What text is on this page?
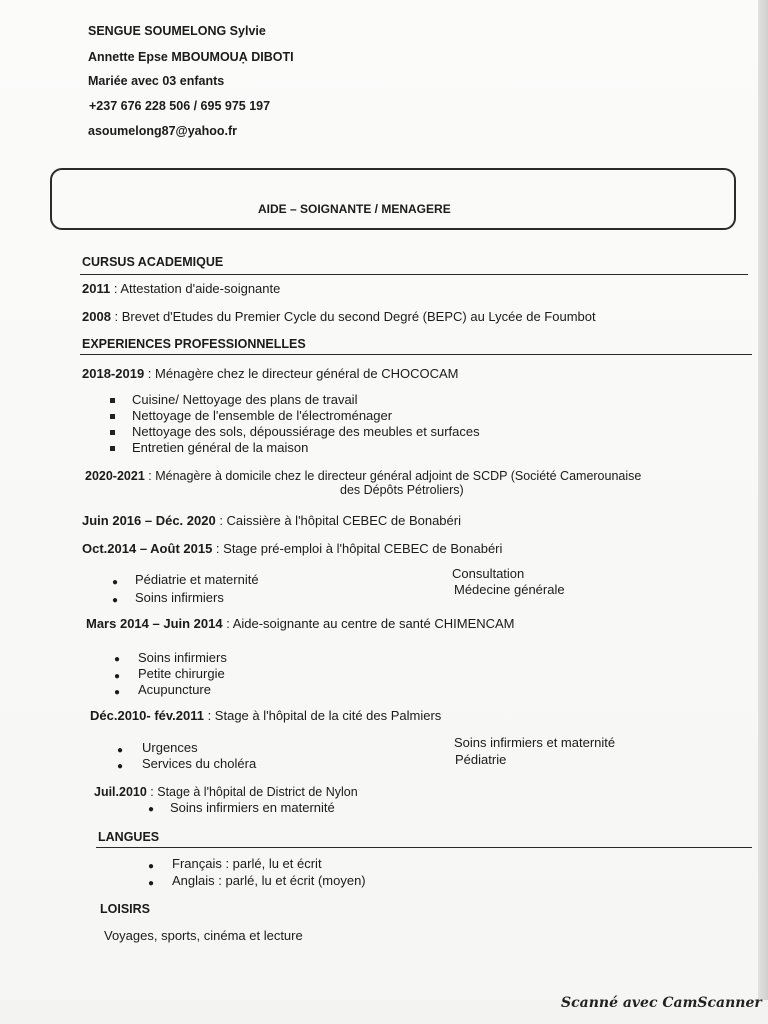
SENGUE SOUMELONG Sylvie
Annette Epse MBOUMOUẠ DIBOTI
Mariée avec 03 enfants
+237 676 228 506 / 695 975 197
asoumelong87@yahoo.fr
AIDE – SOIGNANTE / MENAGERE
CURSUS ACADEMIQUE
2011 : Attestation d'aide-soignante
2008 : Brevet d'Etudes du Premier Cycle du second Degré (BEPC) au Lycée de Foumbot
EXPERIENCES PROFESSIONNELLES
2018-2019 : Ménagère chez le directeur général de CHOCOCAM
Cuisine/ Nettoyage des plans de travail
Nettoyage de l'ensemble de l'électroménager
Nettoyage des sols, dépoussiérage des meubles et surfaces
Entretien général de la maison
2020-2021 : Ménagère à domicile chez le directeur général adjoint de SCDP (Société Camerounaise
des Dépôts Pétroliers)
Juin 2016 – Déc. 2020 : Caissière à l'hôpital CEBEC de Bonabéri
Oct.2014 – Août 2015 : Stage pré-emploi à l'hôpital CEBEC de Bonabéri
● Pédiatrie et maternité
● Soins infirmiers
Consultation
Médecine générale
Mars 2014 – Juin 2014 : Aide-soignante au centre de santé CHIMENCAM
● Soins infirmiers
● Petite chirurgie
● Acupuncture
Déc.2010- fév.2011 : Stage à l'hôpital de la cité des Palmiers
● Urgences
● Services du choléra
Soins infirmiers et maternité
Pédiatrie
Juil.2010 : Stage à l'hôpital de District de Nylon
● Soins infirmiers en maternité
LANGUES
● Français : parlé, lu et écrit
● Anglais : parlé, lu et écrit (moyen)
LOISIRS
Voyages, sports, cinéma et lecture
Scanné avec CamScanner
